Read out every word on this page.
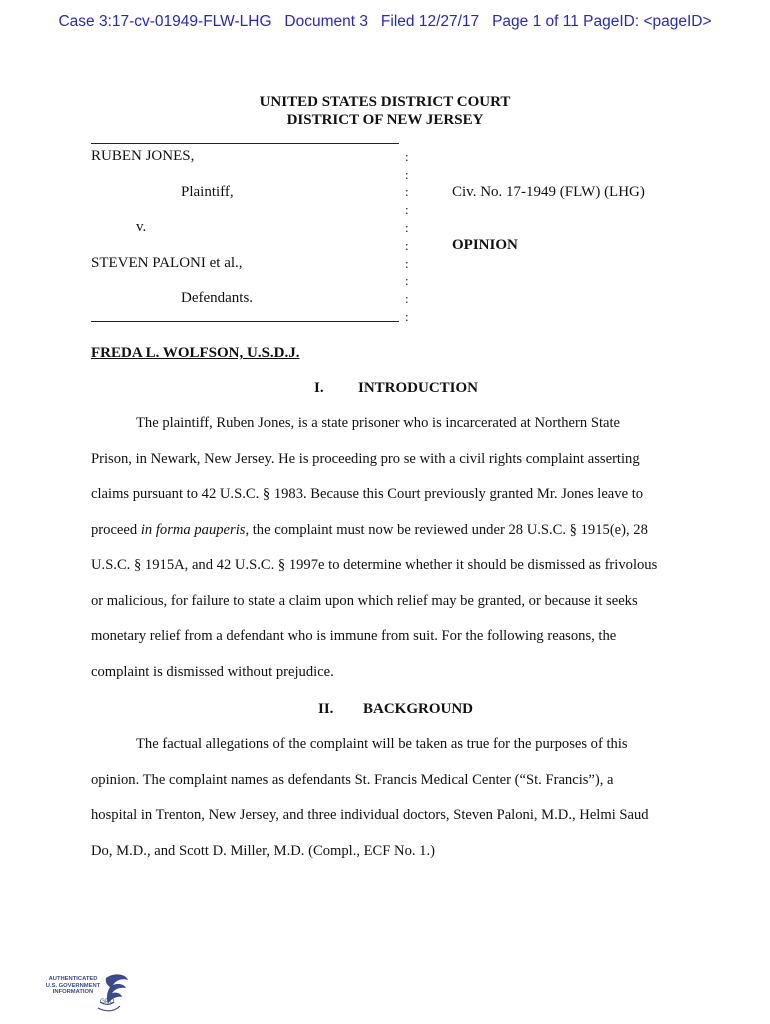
Case 3:17-cv-01949-FLW-LHG   Document 3   Filed 12/27/17   Page 1 of 11 PageID: <pageID>
UNITED STATES DISTRICT COURT
DISTRICT OF NEW JERSEY
RUBEN JONES,
Plaintiff,
v.
STEVEN PALONI et al.,
Defendants.
:
:
:
:
:
:
:
:
:
:
Civ. No. 17-1949 (FLW) (LHG)
OPINION
FREDA L. WOLFSON, U.S.D.J.
I. INTRODUCTION

The plaintiff, Ruben Jones, is a state prisoner who is incarcerated at Northern State
Prison, in Newark, New Jersey. He is proceeding pro se with a civil rights complaint asserting
claims pursuant to 42 U.S.C. § 1983. Because this Court previously granted Mr. Jones leave to
proceed in forma pauperis, the complaint must now be reviewed under 28 U.S.C. § 1915(e), 28
U.S.C. § 1915A, and 42 U.S.C. § 1997e to determine whether it should be dismissed as frivolous
or malicious, for failure to state a claim upon which relief may be granted, or because it seeks
monetary relief from a defendant who is immune from suit. For the following reasons, the
complaint is dismissed without prejudice.

II. BACKGROUND

The factual allegations of the complaint will be taken as true for the purposes of this
opinion. The complaint names as defendants St. Francis Medical Center (“St. Francis”), a
hospital in Trenton, New Jersey, and three individual doctors, Steven Paloni, M.D., Helmi Saud
Do, M.D., and Scott D. Miller, M.D. (Compl., ECF No. 1.)

AUTHENTICATED
U.S. GOVERNMENT
INFORMATION
GPO
